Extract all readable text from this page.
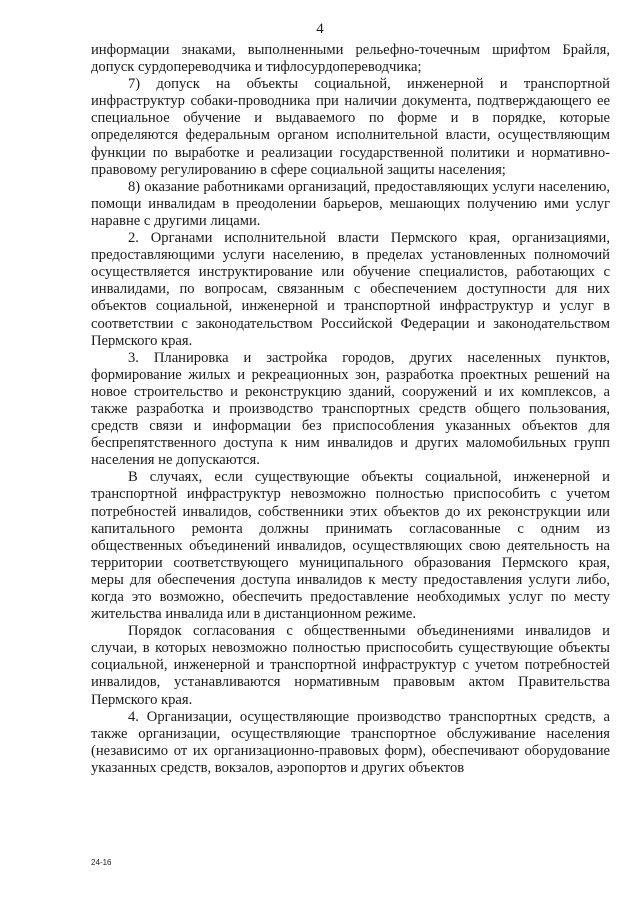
4

информации знаками, выполненными рельефно-точечным шрифтом Брайля, допуск сурдопереводчика и тифлосурдопереводчика;

7) допуск на объекты социальной, инженерной и транспортной инфраструктур собаки-проводника при наличии документа, подтверждающего ее специальное обучение и выдаваемого по форме и в порядке, которые определяются федеральным органом исполнительной власти, осуществляющим функции по выработке и реализации государственной политики и нормативно-правовому регулированию в сфере социальной защиты населения;

8) оказание работниками организаций, предоставляющих услуги населению, помощи инвалидам в преодолении барьеров, мешающих получению ими услуг наравне с другими лицами.

2. Органами исполнительной власти Пермского края, организациями, предоставляющими услуги населению, в пределах установленных полномочий осуществляется инструктирование или обучение специалистов, работающих с инвалидами, по вопросам, связанным с обеспечением доступности для них объектов социальной, инженерной и транспортной инфраструктур и услуг в соответствии с законодательством Российской Федерации и законодательством Пермского края.

3. Планировка и застройка городов, других населенных пунктов, формирование жилых и рекреационных зон, разработка проектных решений на новое строительство и реконструкцию зданий, сооружений и их комплексов, а также разработка и производство транспортных средств общего пользования, средств связи и информации без приспособления указанных объектов для беспрепятственного доступа к ним инвалидов и других маломобильных групп населения не допускаются.

В случаях, если существующие объекты социальной, инженерной и транспортной инфраструктур невозможно полностью приспособить с учетом потребностей инвалидов, собственники этих объектов до их реконструкции или капитального ремонта должны принимать согласованные с одним из общественных объединений инвалидов, осуществляющих свою деятельность на территории соответствующего муниципального образования Пермского края, меры для обеспечения доступа инвалидов к месту предоставления услуги либо, когда это возможно, обеспечить предоставление необходимых услуг по месту жительства инвалида или в дистанционном режиме.

Порядок согласования с общественными объединениями инвалидов и случаи, в которых невозможно полностью приспособить существующие объекты социальной, инженерной и транспортной инфраструктур с учетом потребностей инвалидов, устанавливаются нормативным правовым актом Правительства Пермского края.

4. Организации, осуществляющие производство транспортных средств, а также организации, осуществляющие транспортное обслуживание населения (независимо от их организационно-правовых форм), обеспечивают оборудование указанных средств, вокзалов, аэропортов и других объектов

24-16
